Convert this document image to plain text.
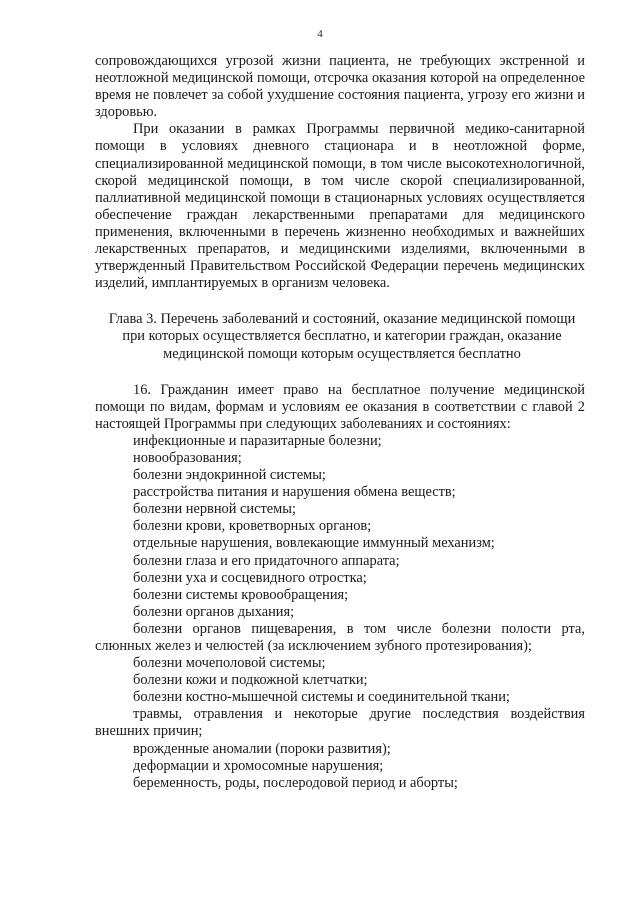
4

сопровождающихся угрозой жизни пациента, не требующих экстренной и неотложной медицинской помощи, отсрочка оказания которой на определенное время не повлечет за собой ухудшение состояния пациента, угрозу его жизни и здоровью.

При оказании в рамках Программы первичной медико-санитарной помощи в условиях дневного стационара и в неотложной форме, специализированной медицинской помощи, в том числе высокотехнологичной, скорой медицинской помощи, в том числе скорой специализированной, паллиативной медицинской помощи в стационарных условиях осуществляется обеспечение граждан лекарственными препаратами для медицинского применения, включенными в перечень жизненно необходимых и важнейших лекарственных препаратов, и медицинскими изделиями, включенными в утвержденный Правительством Российской Федерации перечень медицинских изделий, имплантируемых в организм человека.

Глава 3. Перечень заболеваний и состояний, оказание медицинской помощи при которых осуществляется бесплатно, и категории граждан, оказание медицинской помощи которым осуществляется бесплатно

16. Гражданин имеет право на бесплатное получение медицинской помощи по видам, формам и условиям ее оказания в соответствии с главой 2 настоящей Программы при следующих заболеваниях и состояниях:

инфекционные и паразитарные болезни;

новообразования;

болезни эндокринной системы;

расстройства питания и нарушения обмена веществ;

болезни нервной системы;

болезни крови, кроветворных органов;

отдельные нарушения, вовлекающие иммунный механизм;

болезни глаза и его придаточного аппарата;

болезни уха и сосцевидного отростка;

болезни системы кровообращения;

болезни органов дыхания;

болезни органов пищеварения, в том числе болезни полости рта, слюнных желез и челюстей (за исключением зубного протезирования);

болезни мочеполовой системы;

болезни кожи и подкожной клетчатки;

болезни костно-мышечной системы и соединительной ткани;

травмы, отравления и некоторые другие последствия воздействия внешних причин;

врожденные аномалии (пороки развития);

деформации и хромосомные нарушения;

беременность, роды, послеродовой период и аборты;
